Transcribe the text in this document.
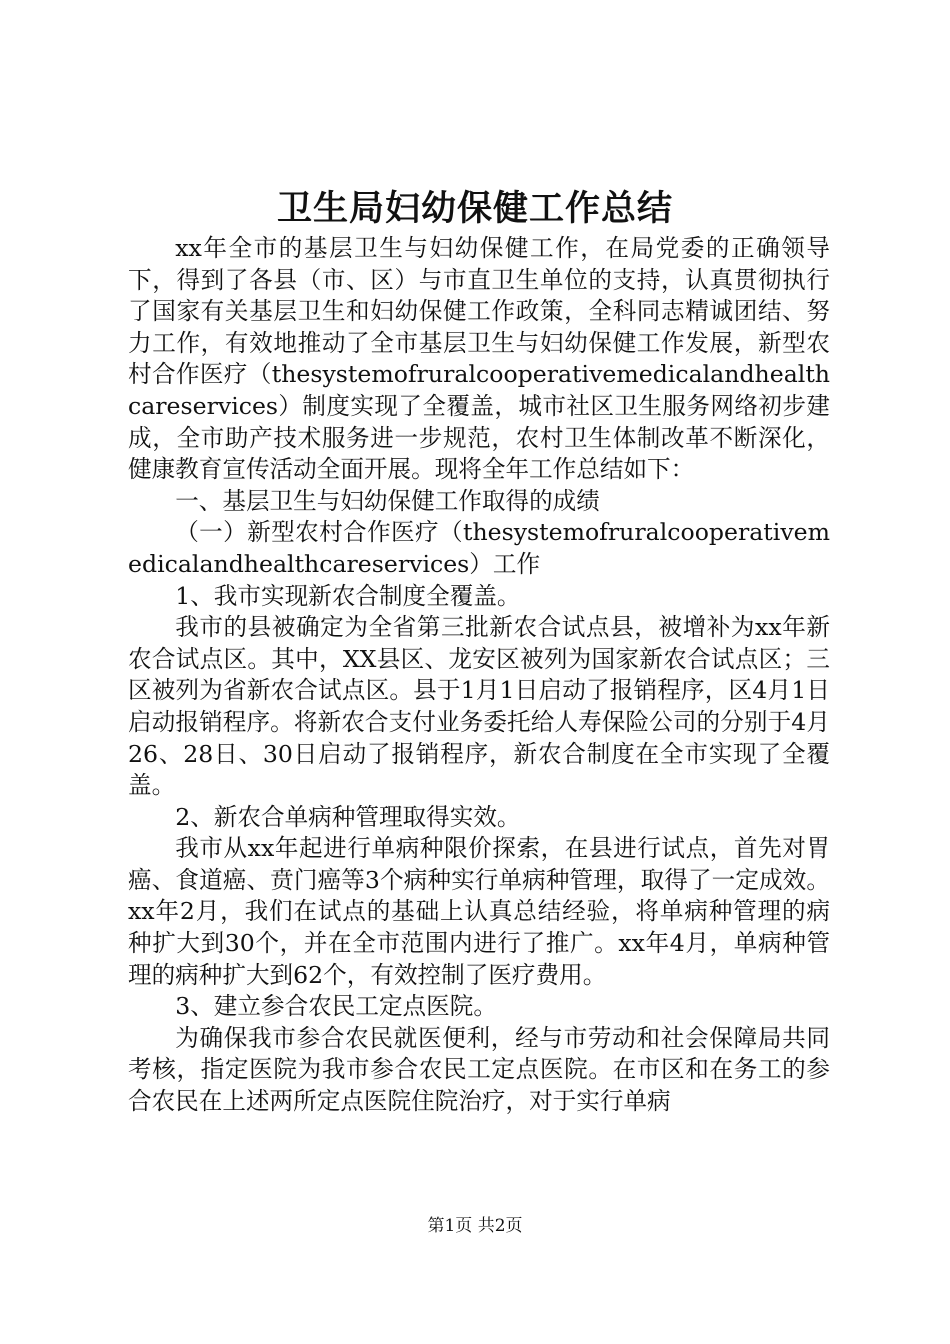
卫生局妇幼保健工作总结

xx年全市的基层卫生与妇幼保健工作，在局党委的正确领导下，得到了各县（市、区）与市直卫生单位的支持，认真贯彻执行了国家有关基层卫生和妇幼保健工作政策，全科同志精诚团结、努力工作，有效地推动了全市基层卫生与妇幼保健工作发展，新型农村合作医疗（thesystemofruralcooperativemedicalandhealthcareservices）制度实现了全覆盖，城市社区卫生服务网络初步建成，全市助产技术服务进一步规范，农村卫生体制改革不断深化，健康教育宣传活动全面开展。现将全年工作总结如下：

一、基层卫生与妇幼保健工作取得的成绩

（一）新型农村合作医疗（thesystemofruralcooperativemedicalandhealthcareservices）工作

1、我市实现新农合制度全覆盖。

我市的县被确定为全省第三批新农合试点县，被增补为xx年新农合试点区。其中，XX县区、龙安区被列为国家新农合试点区；三区被列为省新农合试点区。县于1月1日启动了报销程序，区4月1日启动报销程序。将新农合支付业务委托给人寿保险公司的分别于4月26、28日、30日启动了报销程序，新农合制度在全市实现了全覆盖。

2、新农合单病种管理取得实效。

我市从xx年起进行单病种限价探索，在县进行试点，首先对胃癌、食道癌、贲门癌等3个病种实行单病种管理，取得了一定成效。xx年2月，我们在试点的基础上认真总结经验，将单病种管理的病种扩大到30个，并在全市范围内进行了推广。xx年4月，单病种管理的病种扩大到62个，有效控制了医疗费用。

3、建立参合农民工定点医院。

为确保我市参合农民就医便利，经与市劳动和社会保障局共同考核，指定医院为我市参合农民工定点医院。在市区和在务工的参合农民在上述两所定点医院住院治疗，对于实行单病

第1页 共2页
